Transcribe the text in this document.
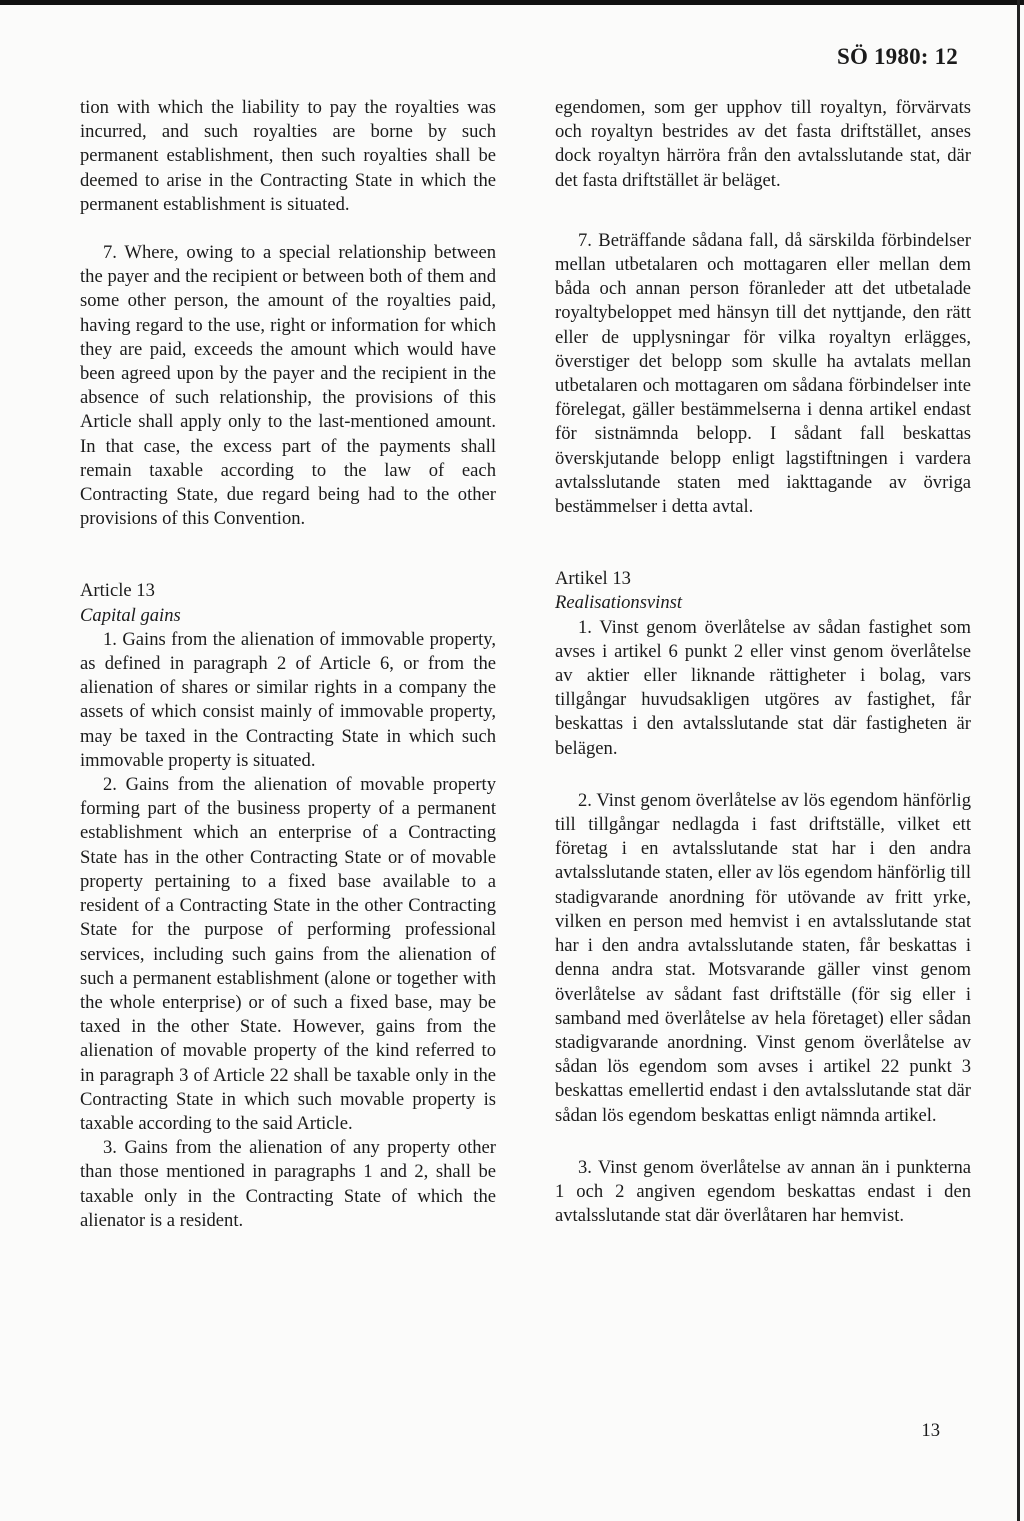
SÖ 1980: 12

tion with which the liability to pay the royalties was incurred, and such royalties are borne by such permanent establishment, then such royalties shall be deemed to arise in the Contracting State in which the permanent establishment is situated.

7. Where, owing to a special relationship between the payer and the recipient or between both of them and some other person, the amount of the royalties paid, having regard to the use, right or information for which they are paid, exceeds the amount which would have been agreed upon by the payer and the recipient in the absence of such relationship, the provisions of this Article shall apply only to the last-mentioned amount. In that case, the excess part of the payments shall remain taxable according to the law of each Contracting State, due regard being had to the other provisions of this Convention.

Article 13

Capital gains

1. Gains from the alienation of immovable property, as defined in paragraph 2 of Article 6, or from the alienation of shares or similar rights in a company the assets of which consist mainly of immovable property, may be taxed in the Contracting State in which such immovable property is situated.

2. Gains from the alienation of movable property forming part of the business property of a permanent establishment which an enterprise of a Contracting State has in the other Contracting State or of movable property pertaining to a fixed base available to a resident of a Contracting State in the other Contracting State for the purpose of performing professional services, including such gains from the alienation of such a permanent establishment (alone or together with the whole enterprise) or of such a fixed base, may be taxed in the other State. However, gains from the alienation of movable property of the kind referred to in paragraph 3 of Article 22 shall be taxable only in the Contracting State in which such movable property is taxable according to the said Article.

3. Gains from the alienation of any property other than those mentioned in paragraphs 1 and 2, shall be taxable only in the Contracting State of which the alienator is a resident.

egendomen, som ger upphov till royaltyn, förvärvats och royaltyn bestrides av det fasta driftstället, anses dock royaltyn härröra från den avtalsslutande stat, där det fasta driftstället är beläget.

7. Beträffande sådana fall, då särskilda förbindelser mellan utbetalaren och mottagaren eller mellan dem båda och annan person föranleder att det utbetalade royaltybeloppet med hänsyn till det nyttjande, den rätt eller de upplysningar för vilka royaltyn erlägges, överstiger det belopp som skulle ha avtalats mellan utbetalaren och mottagaren om sådana förbindelser inte förelegat, gäller bestämmelserna i denna artikel endast för sistnämnda belopp. I sådant fall beskattas överskjutande belopp enligt lagstiftningen i vardera avtalsslutande staten med iakttagande av övriga bestämmelser i detta avtal.

Artikel 13

Realisationsvinst

1. Vinst genom överlåtelse av sådan fastighet som avses i artikel 6 punkt 2 eller vinst genom överlåtelse av aktier eller liknande rättigheter i bolag, vars tillgångar huvudsakligen utgöres av fastighet, får beskattas i den avtalsslutande stat där fastigheten är belägen.

2. Vinst genom överlåtelse av lös egendom hänförlig till tillgångar nedlagda i fast driftställe, vilket ett företag i en avtalsslutande stat har i den andra avtalsslutande staten, eller av lös egendom hänförlig till stadigvarande anordning för utövande av fritt yrke, vilken en person med hemvist i en avtalsslutande stat har i den andra avtalsslutande staten, får beskattas i denna andra stat. Motsvarande gäller vinst genom överlåtelse av sådant fast driftställe (för sig eller i samband med överlåtelse av hela företaget) eller sådan stadigvarande anordning. Vinst genom överlåtelse av sådan lös egendom som avses i artikel 22 punkt 3 beskattas emellertid endast i den avtalsslutande stat där sådan lös egendom beskattas enligt nämnda artikel.

3. Vinst genom överlåtelse av annan än i punkterna 1 och 2 angiven egendom beskattas endast i den avtalsslutande stat där överlåtaren har hemvist.

13
